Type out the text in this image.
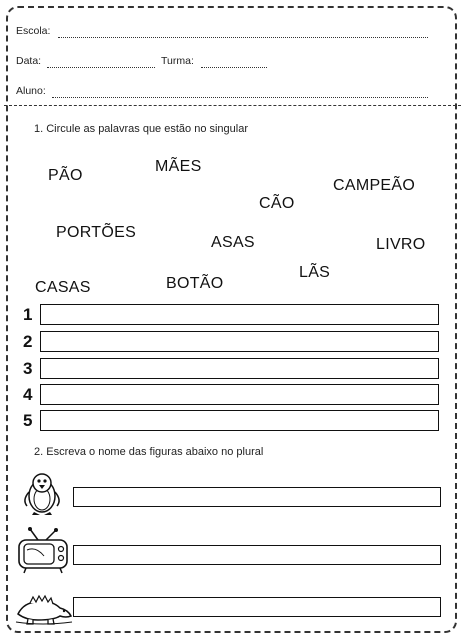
Escola:
Data:	Turma:
Aluno:
1. Circule as palavras que estão no singular
PÃO
MÃES
CÃO
CAMPEÃO
PORTÕES
ASAS	LIVRO
LÃS
CASAS	BOTÃO
1
2
3
4
5
2. Escreva o nome das figuras abaixo no plural
